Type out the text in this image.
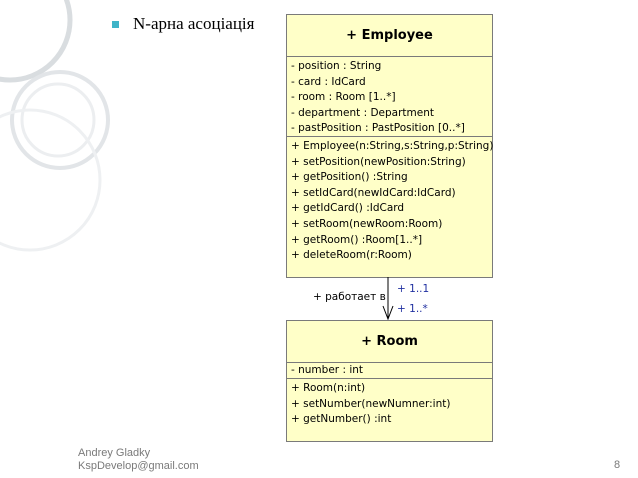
N-арна асоціація
+ Employee
- position : String
- card : IdCard
- room : Room [1..*]
- department : Department
- pastPosition : PastPosition [0..*]
+ Employee(n:String,s:String,p:String)
+ setPosition(newPosition:String)
+ getPosition() :String
+ setIdCard(newIdCard:IdCard)
+ getIdCard() :IdCard
+ setRoom(newRoom:Room)
+ getRoom() :Room[1..*]
+ deleteRoom(r:Room)
+ работает в
+ 1..1
+ 1..*
+ Room
- number : int
+ Room(n:int)
+ setNumber(newNumner:int)
+ getNumber() :int
Andrey Gladky
KspDevelop@gmail.com	8
